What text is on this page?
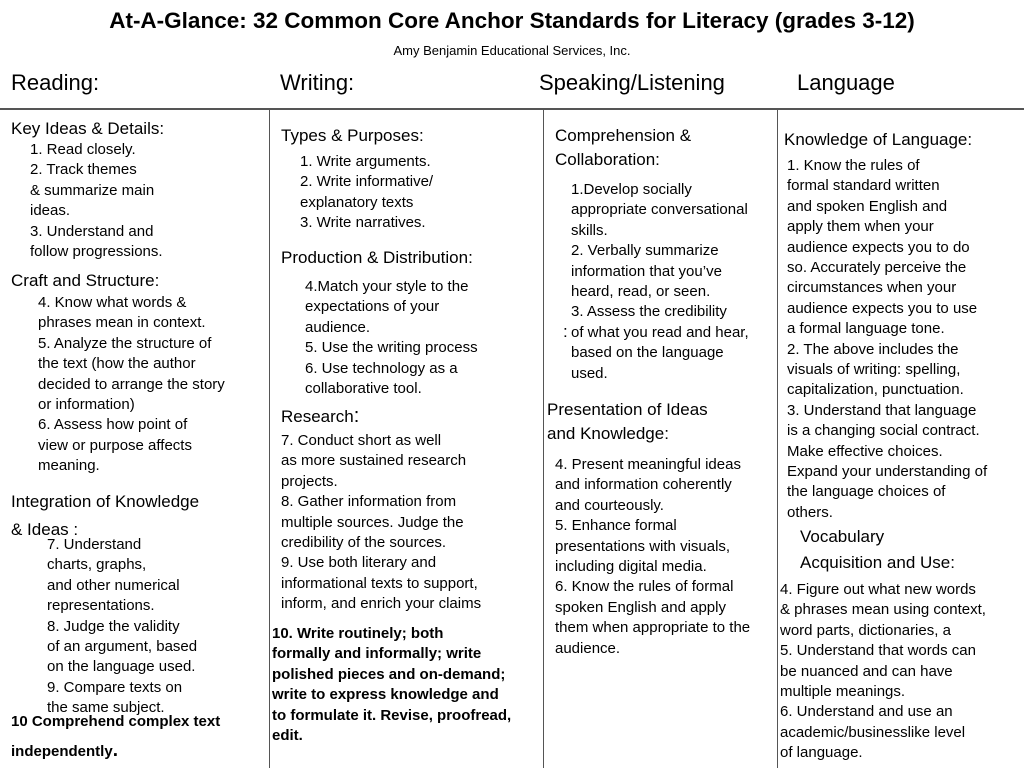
At-A-Glance: 32 Common Core Anchor Standards for Literacy (grades 3-12)
Amy Benjamin Educational Services, Inc.
Reading:	Writing:	Speaking/Listening	Language
Key Ideas & Details:
1. Read closely.
2. Track themes
& summarize main
ideas.
3. Understand and
follow progressions.
Craft and Structure:
4. Know what words &
phrases mean in context.
5. Analyze the structure of
the text (how the author
decided to arrange the story
or information)
6. Assess how point of
view or purpose affects
meaning.
Integration of Knowledge
& Ideas :
7. Understand
charts, graphs,
and other numerical
representations.
8. Judge the validity
of an argument, based
on the language used.
9. Compare texts on
the same subject.
10 Comprehend complex text
independently.
Types & Purposes:
1. Write arguments.
2. Write informative/
explanatory texts
3. Write narratives.
Production & Distribution:
4.Match your style to the
expectations of your
audience.
5. Use the writing process
6. Use technology as a
collaborative tool.
Research:
7. Conduct short as well
as more sustained research
projects.
8. Gather information from
multiple sources. Judge the
credibility of the sources.
9. Use both literary and
informational texts to support,
inform, and enrich your claims
10. Write routinely; both
formally and informally; write
polished pieces and on-demand;
write to express knowledge and
to formulate it. Revise, proofread,
edit.
Comprehension &
Collaboration:
1.Develop socially
appropriate conversational
skills.
2. Verbally summarize
information that you’ve
heard, read, or seen.
3. Assess the credibility
of what you read and hear,
based on the language
used.
:
Presentation of Ideas
and Knowledge:
4. Present meaningful ideas
and information coherently
and courteously.
5. Enhance formal
presentations with visuals,
including digital media.
6. Know the rules of formal
spoken English and apply
them when appropriate to the
audience.
Knowledge of Language:
1. Know the rules of
formal standard written
and spoken English and
apply them when your
audience expects you to do
so. Accurately perceive the
circumstances when your
audience expects you to use
a formal language tone.
2. The above includes the
visuals of writing: spelling,
capitalization, punctuation.
3. Understand that language
is a changing social contract.
Make effective choices.
Expand your understanding of
the language choices of
others.
Vocabulary
Acquisition and Use:
4. Figure out what new words
& phrases mean using context,
word parts, dictionaries, a
5. Understand that words can
be nuanced and can have
multiple meanings.
6. Understand and use an
academic/businesslike level
of language.
